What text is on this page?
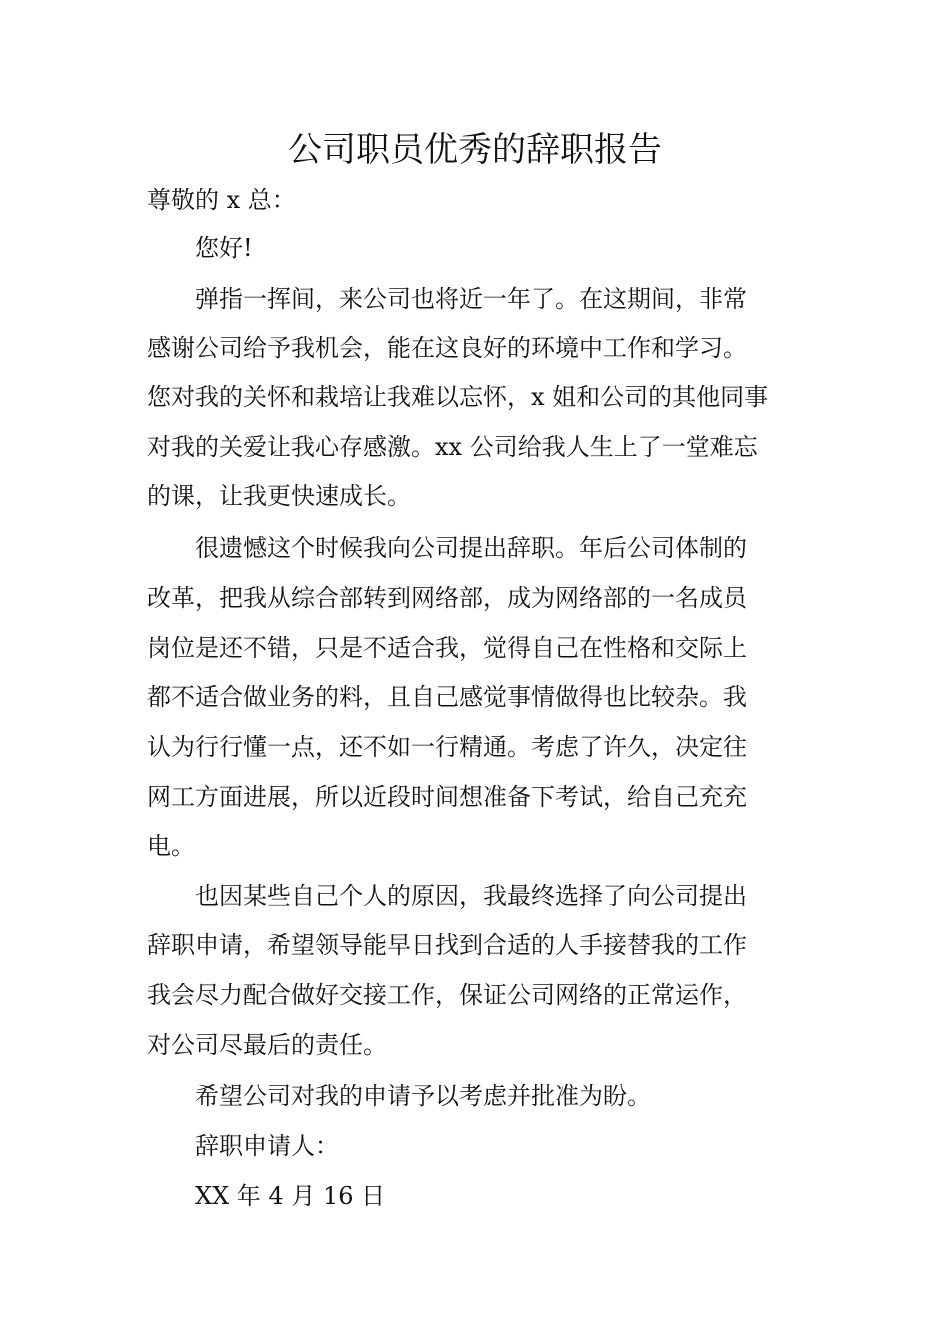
公司职员优秀的辞职报告
尊敬的 x 总：
您好!
弹指一挥间，来公司也将近一年了。在这期间，非常
感谢公司给予我机会，能在这良好的环境中工作和学习。
您对我的关怀和栽培让我难以忘怀，x 姐和公司的其他同事
对我的关爱让我心存感激。xx 公司给我人生上了一堂难忘
的课，让我更快速成长。
很遗憾这个时候我向公司提出辞职。年后公司体制的
改革，把我从综合部转到网络部，成为网络部的一名成员
岗位是还不错，只是不适合我，觉得自己在性格和交际上
都不适合做业务的料，且自己感觉事情做得也比较杂。我
认为行行懂一点，还不如一行精通。考虑了许久，决定往
网工方面进展，所以近段时间想准备下考试，给自己充充
电。
也因某些自己个人的原因，我最终选择了向公司提出
辞职申请，希望领导能早日找到合适的人手接替我的工作
我会尽力配合做好交接工作，保证公司网络的正常运作，
对公司尽最后的责任。
希望公司对我的申请予以考虑并批准为盼。
辞职申请人：
XX 年 4 月 16 日
